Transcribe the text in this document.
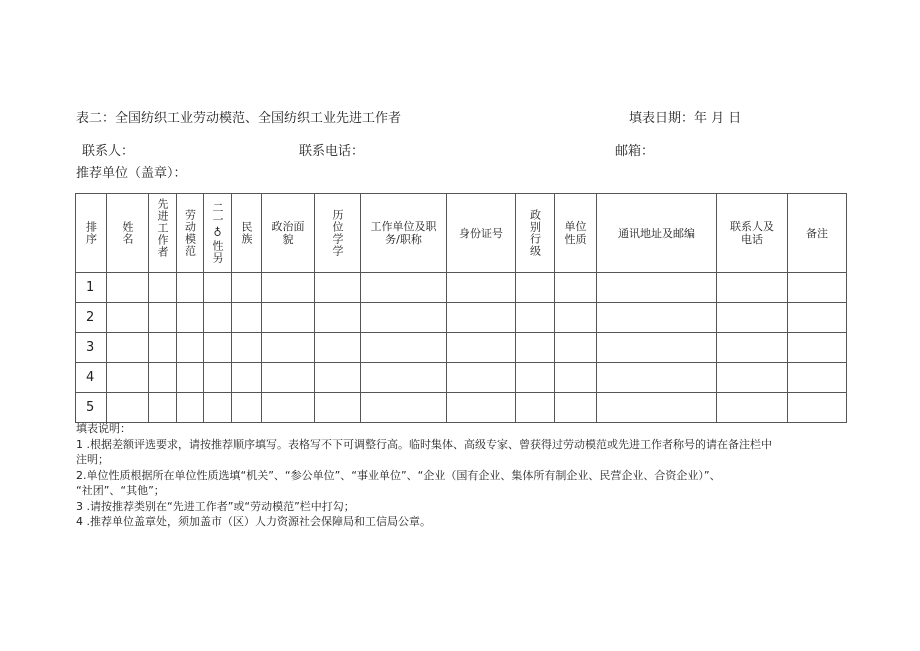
表二：全国纺织工业劳动模范、全国纺织工业先进工作者	填表日期：年 月 日
联系人：	联系电话：	邮箱：
推荐单位（盖章）：
排序	姓名	先进工作者	劳动模范	二一♁性另	民族	政治面貌	历位学学	工作单位及职务/职称	身份证号	政别行级	单位性质	通讯地址及邮编	联系人及电话	备注

1														
2														
3														
4														
5														
填表说明：
1 .根据差额评选要求，请按推荐顺序填写。表格写不下可调整行高。临时集体、高级专家、曾获得过劳动模范或先进工作者称号的请在备注栏中
注明；
2.单位性质根据所在单位性质选填“机关”、“参公单位”、“事业单位”、“企业（国有企业、集体所有制企业、民营企业、合资企业）”、
“社团”、“其他”；
3 .请按推荐类别在“先进工作者”或“劳动模范”栏中打勾；
4 .推荐单位盖章处，须加盖市（区）人力资源社会保障局和工信局公章。
